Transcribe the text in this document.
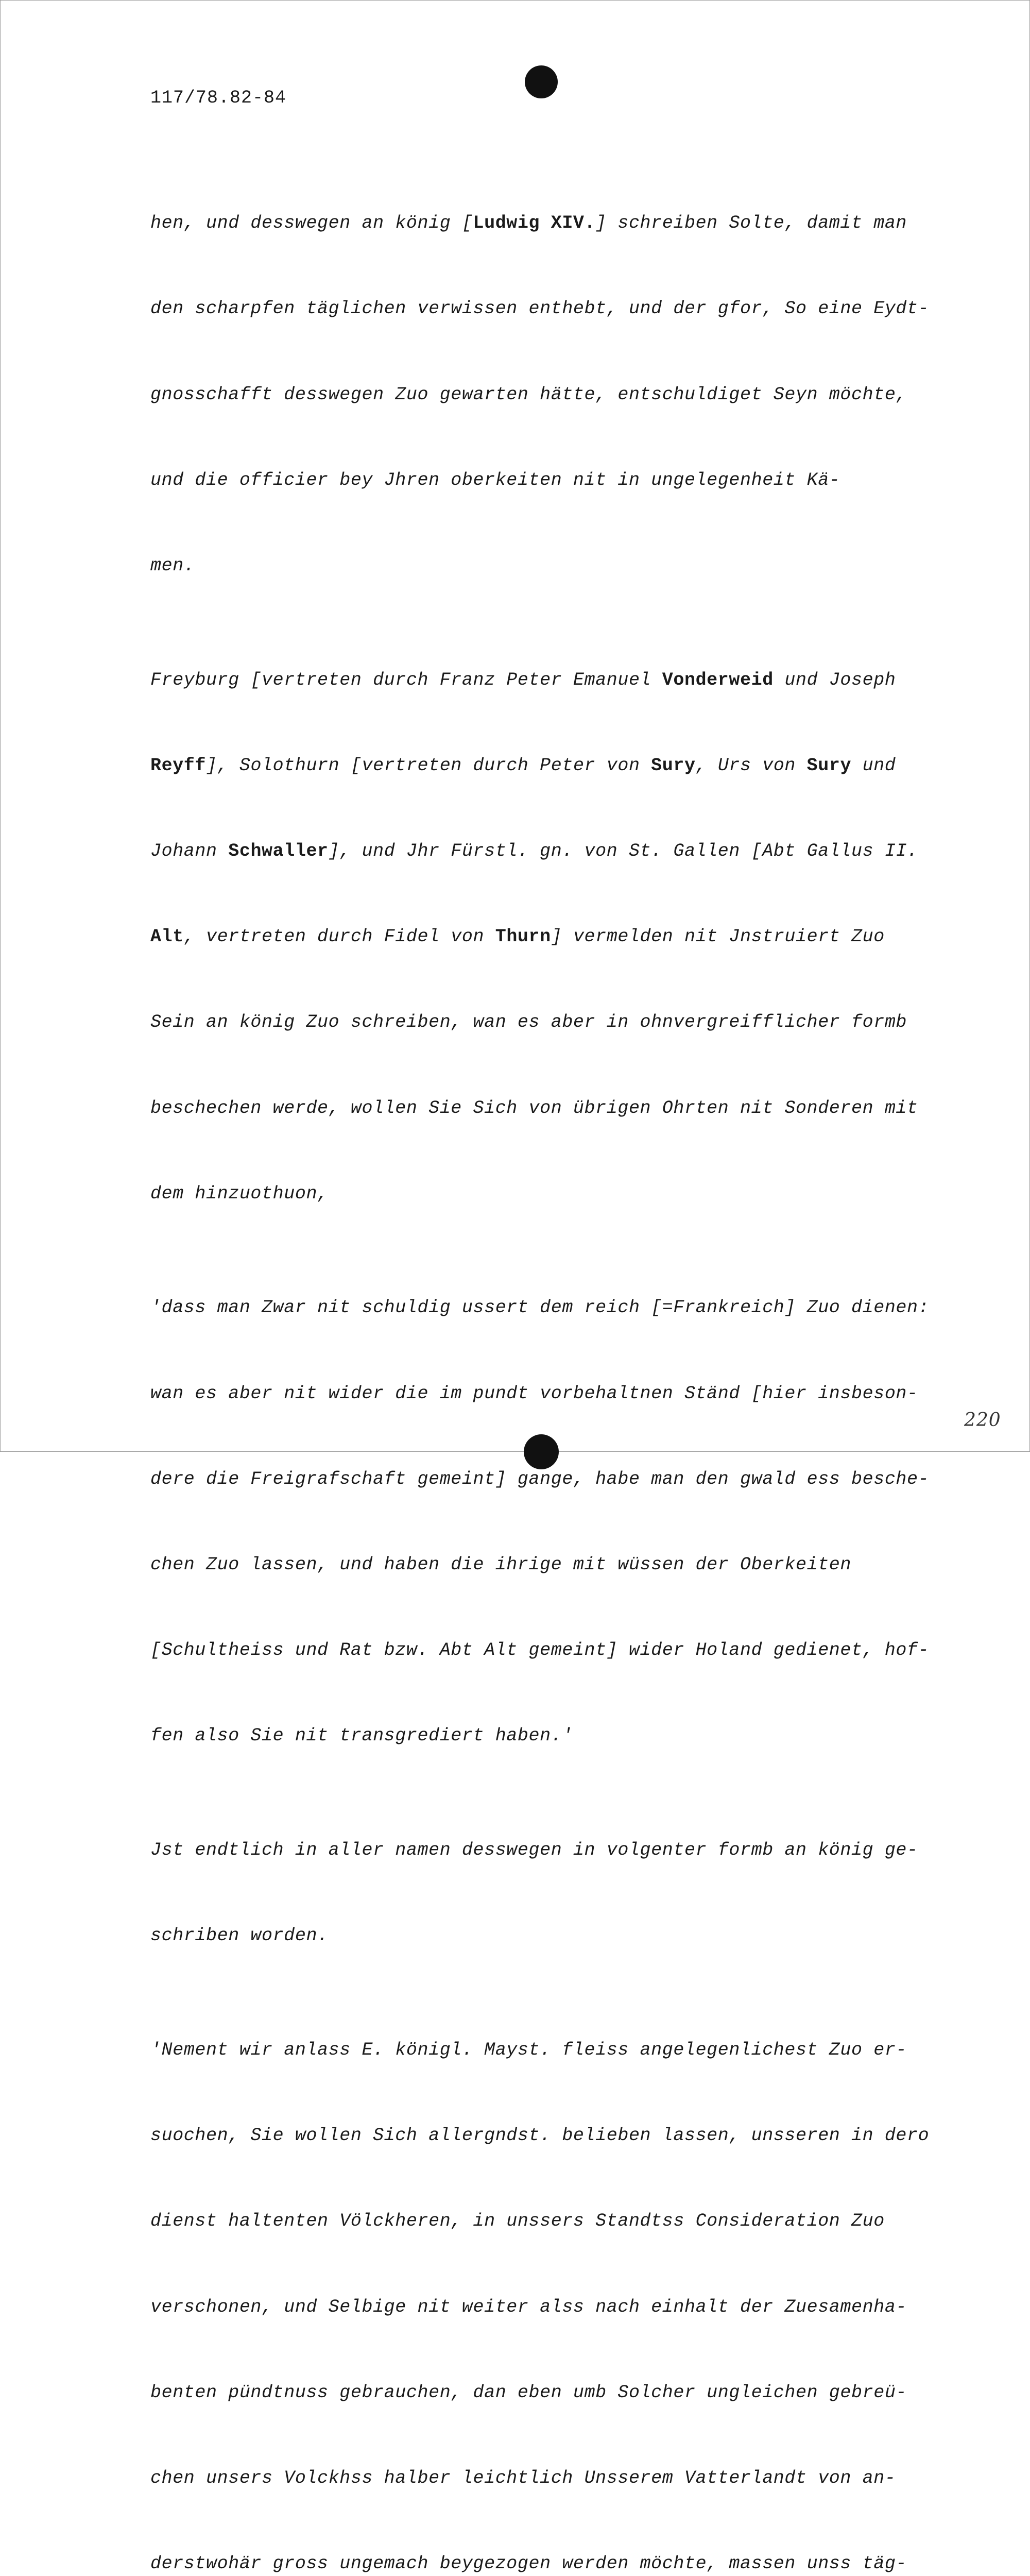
117/78.82-84

hen, und desswegen an könig [Ludwig XIV.] schreiben Solte, damit man

den scharpfen täglichen verwissen enthebt, und der gfor, So eine Eydt-

gnosschafft desswegen Zuo gewarten hätte, entschuldiget Seyn möchte,

und die officier bey Jhren oberkeiten nit in ungelegenheit Kä-

men.

Freyburg [vertreten durch Franz Peter Emanuel Vonderweid und Joseph

Reyff], Solothurn [vertreten durch Peter von Sury, Urs von Sury und

Johann Schwaller], und Jhr Fürstl. gn. von St. Gallen [Abt Gallus II.

Alt, vertreten durch Fidel von Thurn] vermelden nit Jnstruiert Zuo

Sein an könig Zuo schreiben, wan es aber in ohnvergreifflicher formb

beschechen werde, wollen Sie Sich von übrigen Ohrten nit Sonderen mit

dem hinzuothuon,

'dass man Zwar nit schuldig ussert dem reich [=Frankreich] Zuo dienen:

wan es aber nit wider die im pundt vorbehaltnen Ständ [hier insbeson-

dere die Freigrafschaft gemeint] gange, habe man den gwald ess besche-

chen Zuo lassen, und haben die ihrige mit wüssen der Oberkeiten

[Schultheiss und Rat bzw. Abt Alt gemeint] wider Holand gedienet, hof-

fen also Sie nit transgrediert haben.'

Jst endtlich in aller namen desswegen in volgenter formb an könig ge-

schriben worden.

'Nement wir anlass E. königl. Mayst. fleiss angelegenlichest Zuo er-

suochen, Sie wollen Sich allergndst. belieben lassen, unsseren in dero

dienst haltenten Völckheren, in unssers Standtss Consideration Zuo

verschonen, und Selbige nit weiter alss nach einhalt der Zuesamenha-

benten pündtnuss gebrauchen, dan eben umb Solcher ungleichen gebreü-

chen unsers Volckhss halber leichtlich Unsserem Vatterlandt von an-

derstwohär gross ungemach beygezogen werden möchte, massen unss täg-

220
